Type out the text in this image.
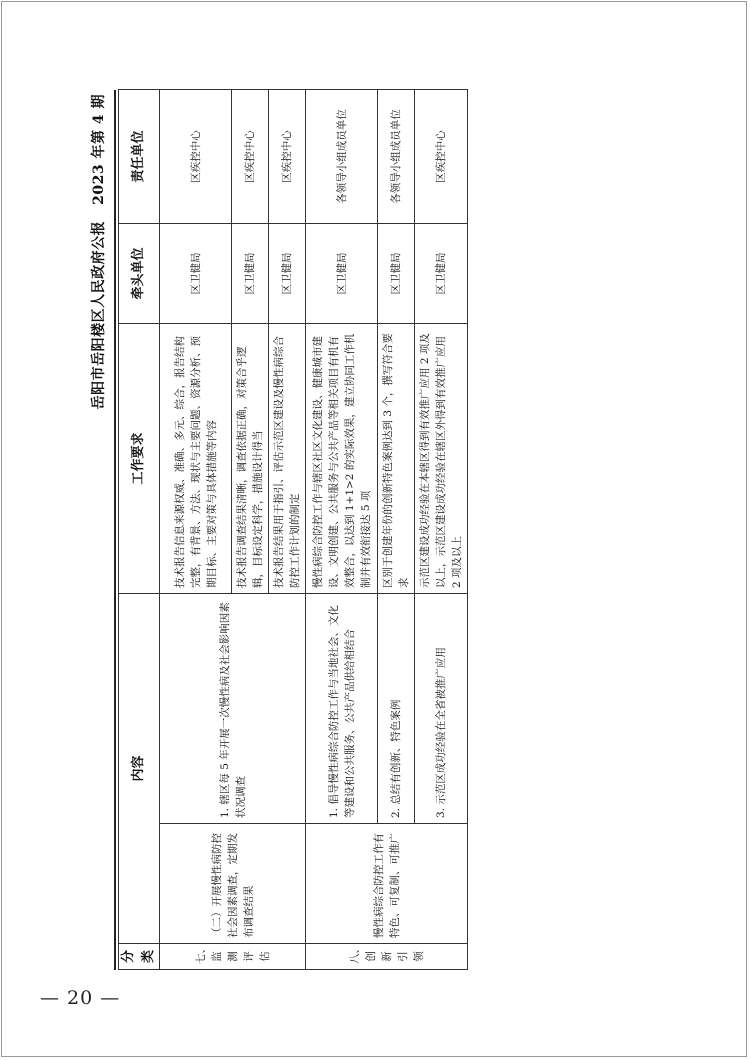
岳阳市岳阳楼区人民政府公报2023 年第 4 期
分类	内容		工作要求	牵头单位	责任单位
七、
监测评估	（二）开展慢性病防控社会因素调查，定期发布调查结果	1. 辖区每 5 年开展一次慢性病及社会影响因素状况调查	技术报告信息来源权威、准确、多元、综合，报告结构完整，有背景、方法、现状与主要问题、资源分析、预期目标、主要对策与具体措施等内容	区卫健局	区疾控中心
			技术报告调查结果清晰，调查依据正确，对策合乎逻辑，目标设定科学，措施设计得当	区卫健局	区疾控中心
			技术报告结果用于指引、评估示范区建设及慢性病综合防控工作计划的制定	区卫健局	区疾控中心
八、
创新引领	慢性病综合防控工作有特色、可复制、可推广	1. 倡导慢性病综合防控工作与当地社会、文化等建设和公共服务、公共产品供给相结合	慢性病综合防控工作与辖区社区文化建设、健康城市建设、文明创建、公共服务与公共产品等相关项目有机有效整合，以达到 1+1>2 的实际效果，建立协同工作机制并有效衔接达 5 项	区卫健局	各领导小组成员单位
		2. 总结有创新、特色案例	区别于创建年份的创新特色案例达到 3 个，撰写符合要求	区卫健局	各领导小组成员单位
		3. 示范区成功经验在全省被推广应用	示范区建设成功经验在本辖区得到有效推广应用 2 项及以上，示范区建设成功经验在辖区外得到有效推广应用 2 项及以上	区卫健局	区疾控中心
— 20 —
